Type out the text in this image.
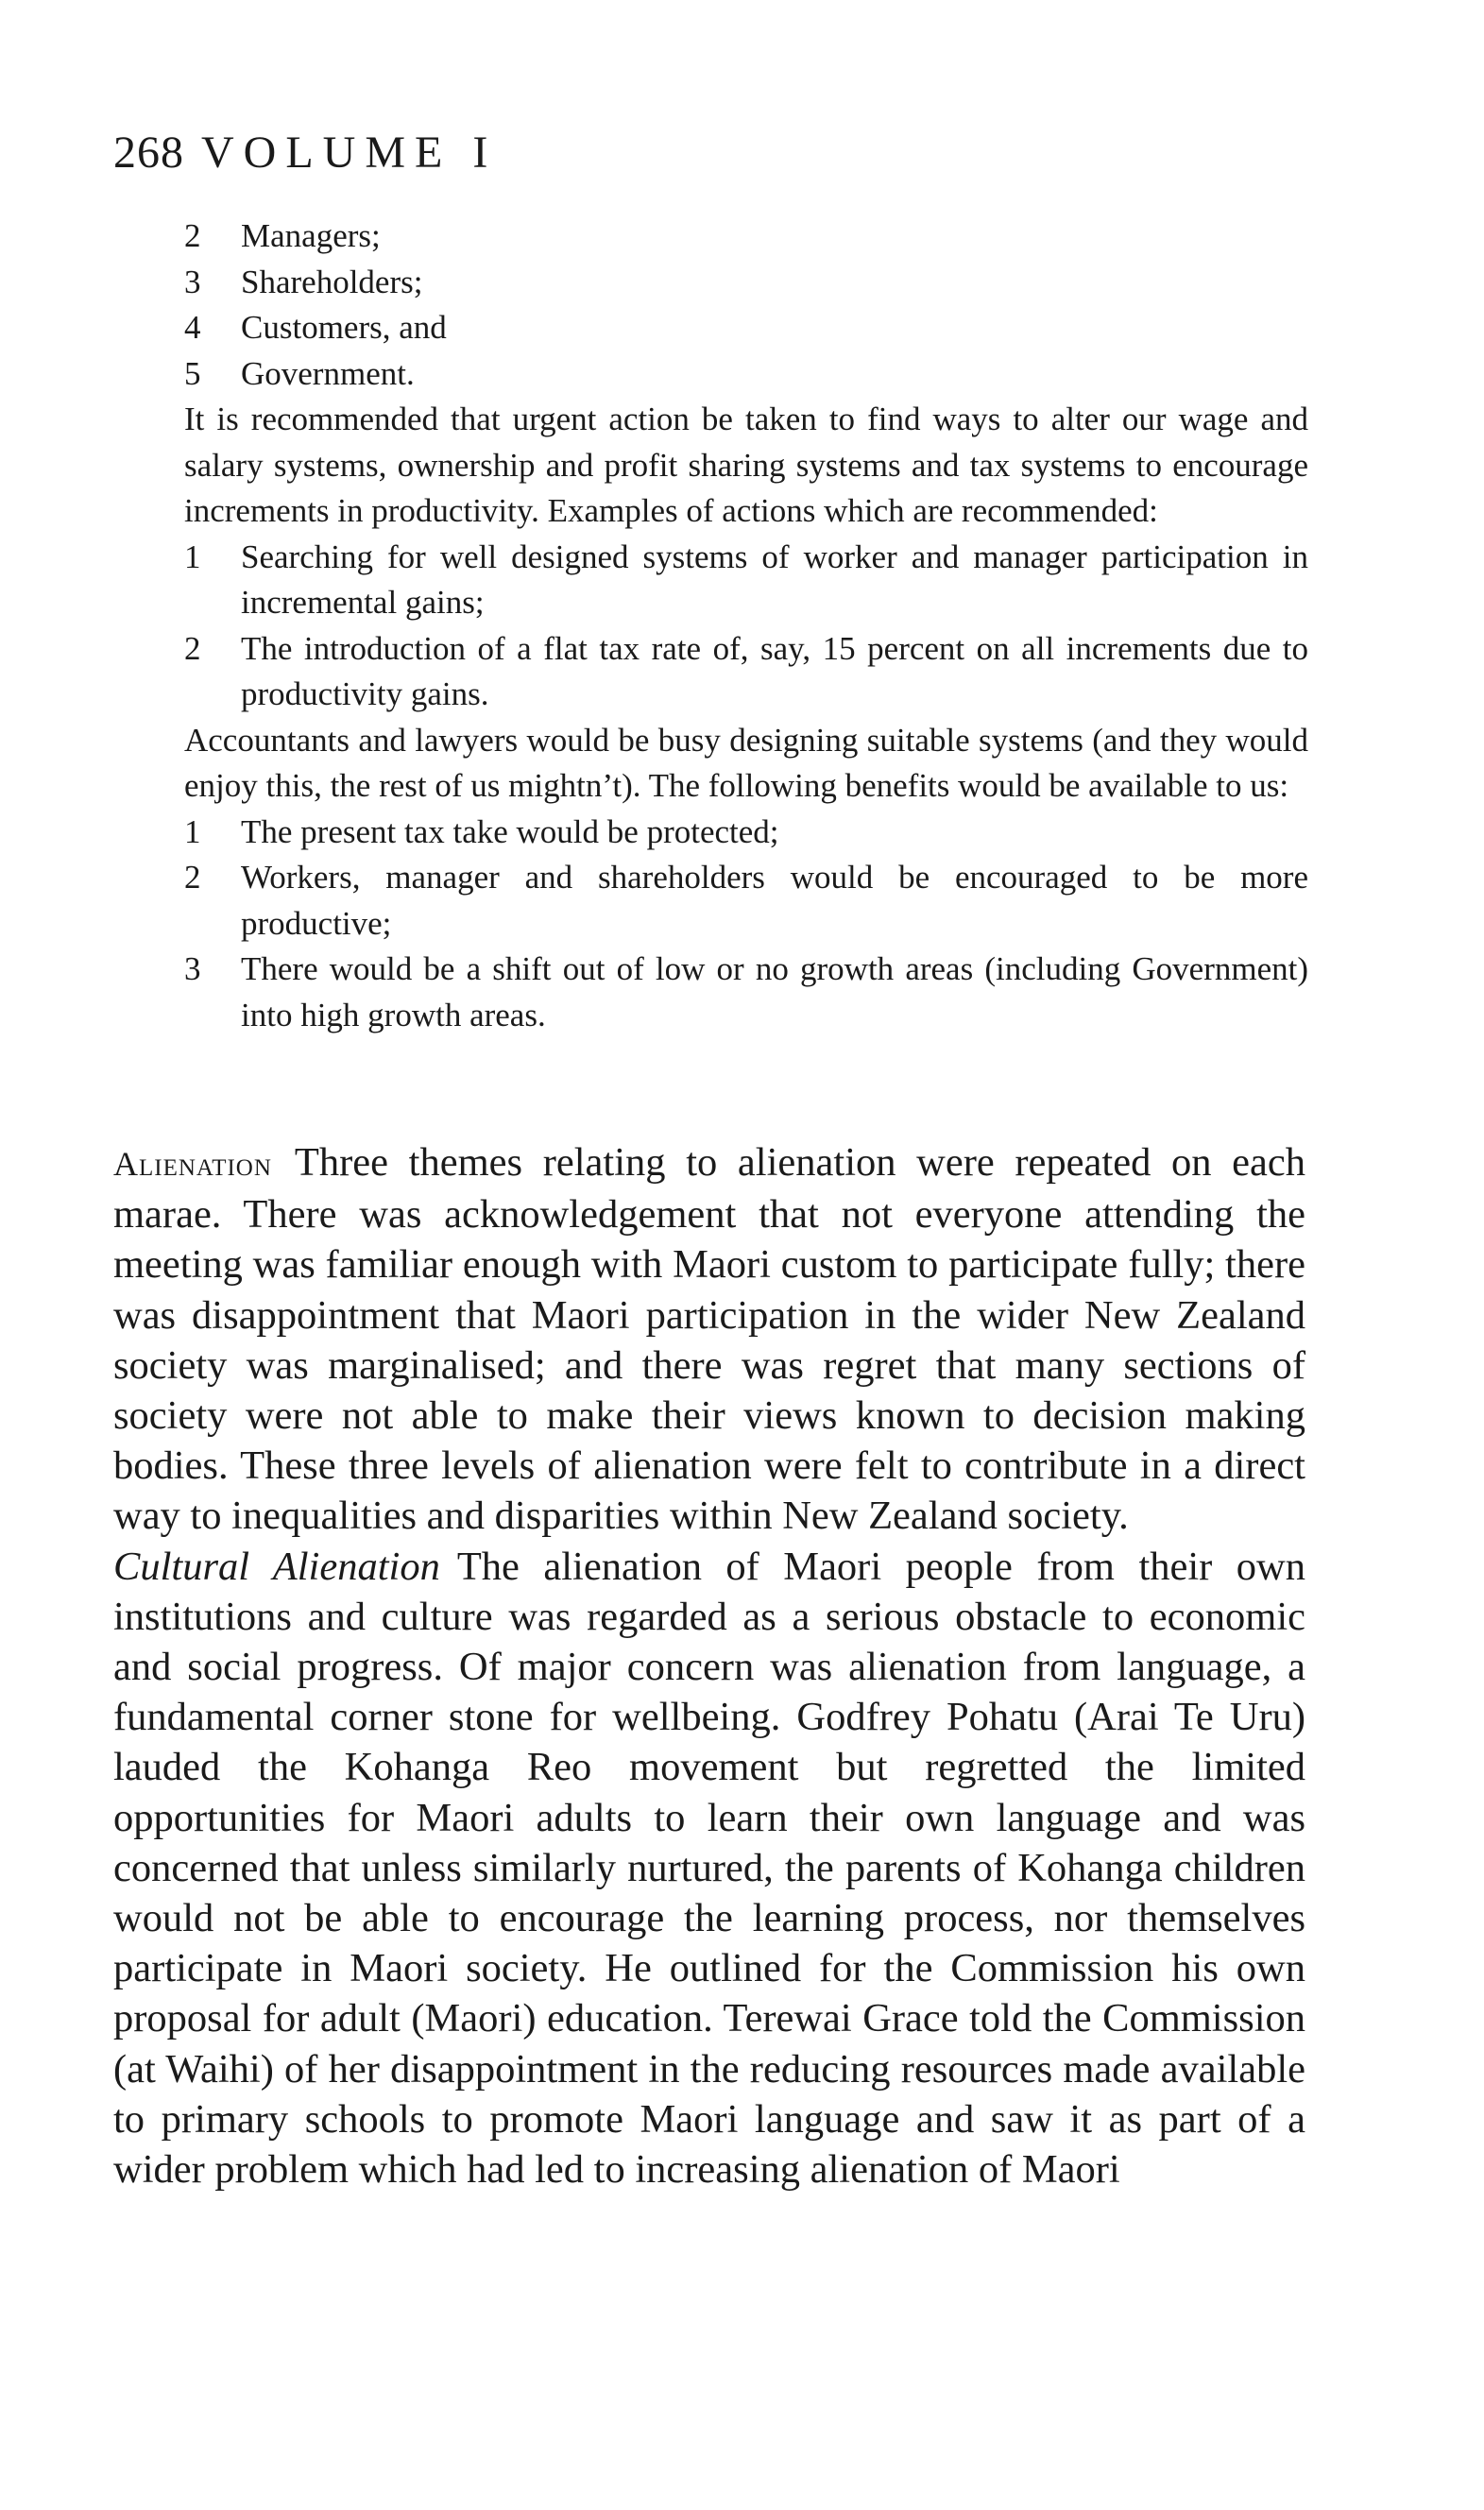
268 VOLUME I
2 Managers;
3 Shareholders;
4 Customers, and
5 Government.

It is recommended that urgent action be taken to find ways to alter our wage and salary systems, ownership and profit sharing systems and tax systems to encourage increments in productivity. Examples of actions which are recommended:

1 Searching for well designed systems of worker and manager participation in incremental gains;
2 The introduction of a flat tax rate of, say, 15 percent on all increments due to productivity gains.

Accountants and lawyers would be busy designing suitable systems (and they would enjoy this, the rest of us mightn’t). The following benefits would be available to us:

1 The present tax take would be protected;
2 Workers, manager and shareholders would be encouraged to be more productive;
3 There would be a shift out of low or no growth areas (including Government) into high growth areas.

Alienation Three themes relating to alienation were repeated on each marae. There was acknowledgement that not everyone attending the meeting was familiar enough with Maori custom to participate fully; there was disappointment that Maori participation in the wider New Zealand society was marginalised; and there was regret that many sections of society were not able to make their views known to decision making bodies. These three levels of alienation were felt to contribute in a direct way to inequalities and disparities within New Zealand society.

Cultural Alienation The alienation of Maori people from their own institutions and culture was regarded as a serious obstacle to economic and social progress. Of major concern was alienation from language, a fundamental corner stone for wellbeing. Godfrey Pohatu (Arai Te Uru) lauded the Kohanga Reo movement but regretted the limited opportunities for Maori adults to learn their own language and was concerned that unless similarly nurtured, the parents of Kohanga children would not be able to encourage the learning process, nor themselves participate in Maori society. He outlined for the Commission his own proposal for adult (Maori) education. Terewai Grace told the Commission (at Waihi) of her disappointment in the reducing resources made available to primary schools to promote Maori language and saw it as part of a wider problem which had led to increasing alienation of Maori
